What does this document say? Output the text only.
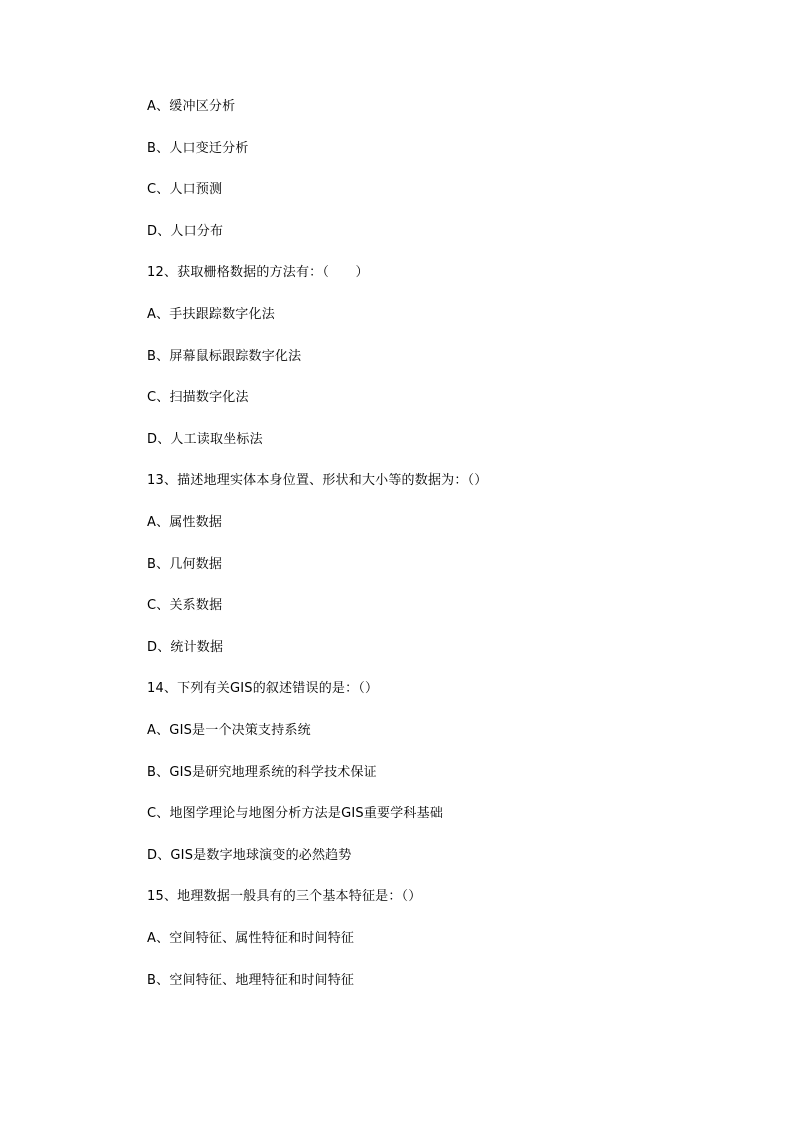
A、缓冲区分析
B、人口变迁分析
C、人口预测
D、人口分布
12、获取栅格数据的方法有：（　　）
A、手扶跟踪数字化法
B、屏幕鼠标跟踪数字化法
C、扫描数字化法
D、人工读取坐标法
13、描述地理实体本身位置、形状和大小等的数据为：（）
A、属性数据
B、几何数据
C、关系数据
D、统计数据
14、下列有关GIS的叙述错误的是：（）
A、GIS是一个决策支持系统
B、GIS是研究地理系统的科学技术保证
C、地图学理论与地图分析方法是GIS重要学科基础
D、GIS是数字地球演变的必然趋势
15、地理数据一般具有的三个基本特征是：（）
A、空间特征、属性特征和时间特征
B、空间特征、地理特征和时间特征
